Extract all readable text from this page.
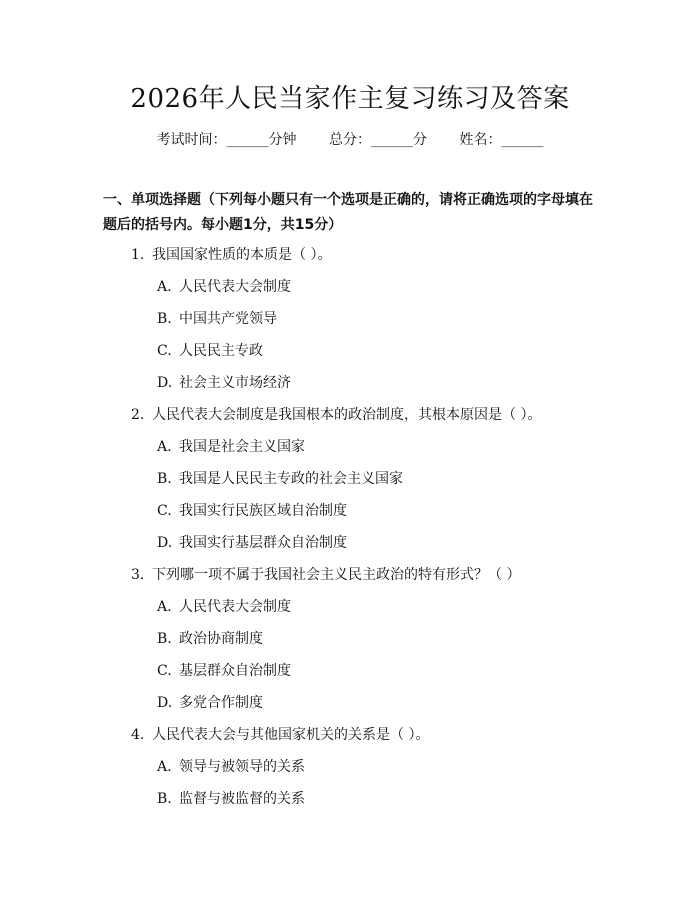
2026年人民当家作主复习练习及答案
考试时间：______分钟 总分：______分 姓名：______
一、单项选择题（下列每小题只有一个选项是正确的，请将正确选项的字母填在题后的括号内。每小题1分，共15分）
1. 我国国家性质的本质是（ ）。
A. 人民代表大会制度
B. 中国共产党领导
C. 人民民主专政
D. 社会主义市场经济
2. 人民代表大会制度是我国根本的政治制度，其根本原因是（ ）。
A. 我国是社会主义国家
B. 我国是人民民主专政的社会主义国家
C. 我国实行民族区域自治制度
D. 我国实行基层群众自治制度
3. 下列哪一项不属于我国社会主义民主政治的特有形式？（ ）
A. 人民代表大会制度
B. 政治协商制度
C. 基层群众自治制度
D. 多党合作制度
4. 人民代表大会与其他国家机关的关系是（ ）。
A. 领导与被领导的关系
B. 监督与被监督的关系
